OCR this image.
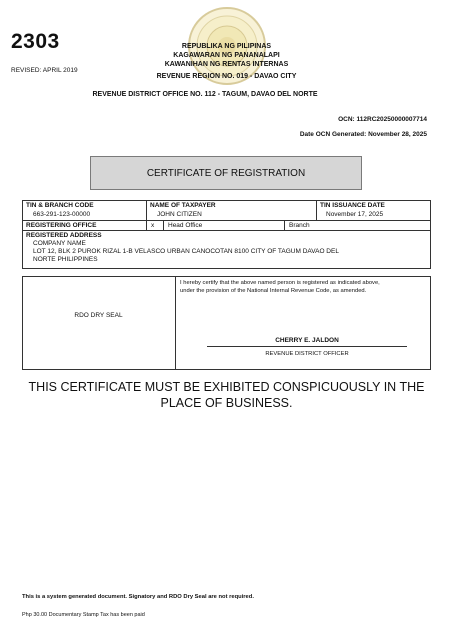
2303
REVISED: APRIL 2019
REPUBLIKA NG PILIPINAS
KAGAWARAN NG PANANALAPI
KAWANIHAN NG RENTAS INTERNAS
REVENUE REGION NO. 019 - DAVAO CITY
REVENUE DISTRICT OFFICE NO. 112 - TAGUM, DAVAO DEL NORTE
OCN: 112RC20250000007714
Date OCN Generated: November 28, 2025
CERTIFICATE OF REGISTRATION
TIN & BRANCH CODE
663-291-123-00000
NAME OF TAXPAYER
JOHN CITIZEN
TIN ISSUANCE DATE
November 17, 2025
REGISTERING OFFICE	x Head Office	Branch
REGISTERED ADDRESS
COMPANY NAME
LOT 12, BLK 2 PUROK RIZAL 1-B VELASCO URBAN CANOCOTAN 8100 CITY OF TAGUM DAVAO DEL
NORTE PHILIPPINES
RDO DRY SEAL
I hereby certify that the above named person is registered as indicated above,
under the provision of the National Internal Revenue Code, as amended.
CHERRY E. JALDON
REVENUE DISTRICT OFFICER
THIS CERTIFICATE MUST BE EXHIBITED CONSPICUOUSLY IN THE
PLACE OF BUSINESS.
This is a system generated document. Signatory and RDO Dry Seal are not required.
Php 30.00 Documentary Stamp Tax has been paid
